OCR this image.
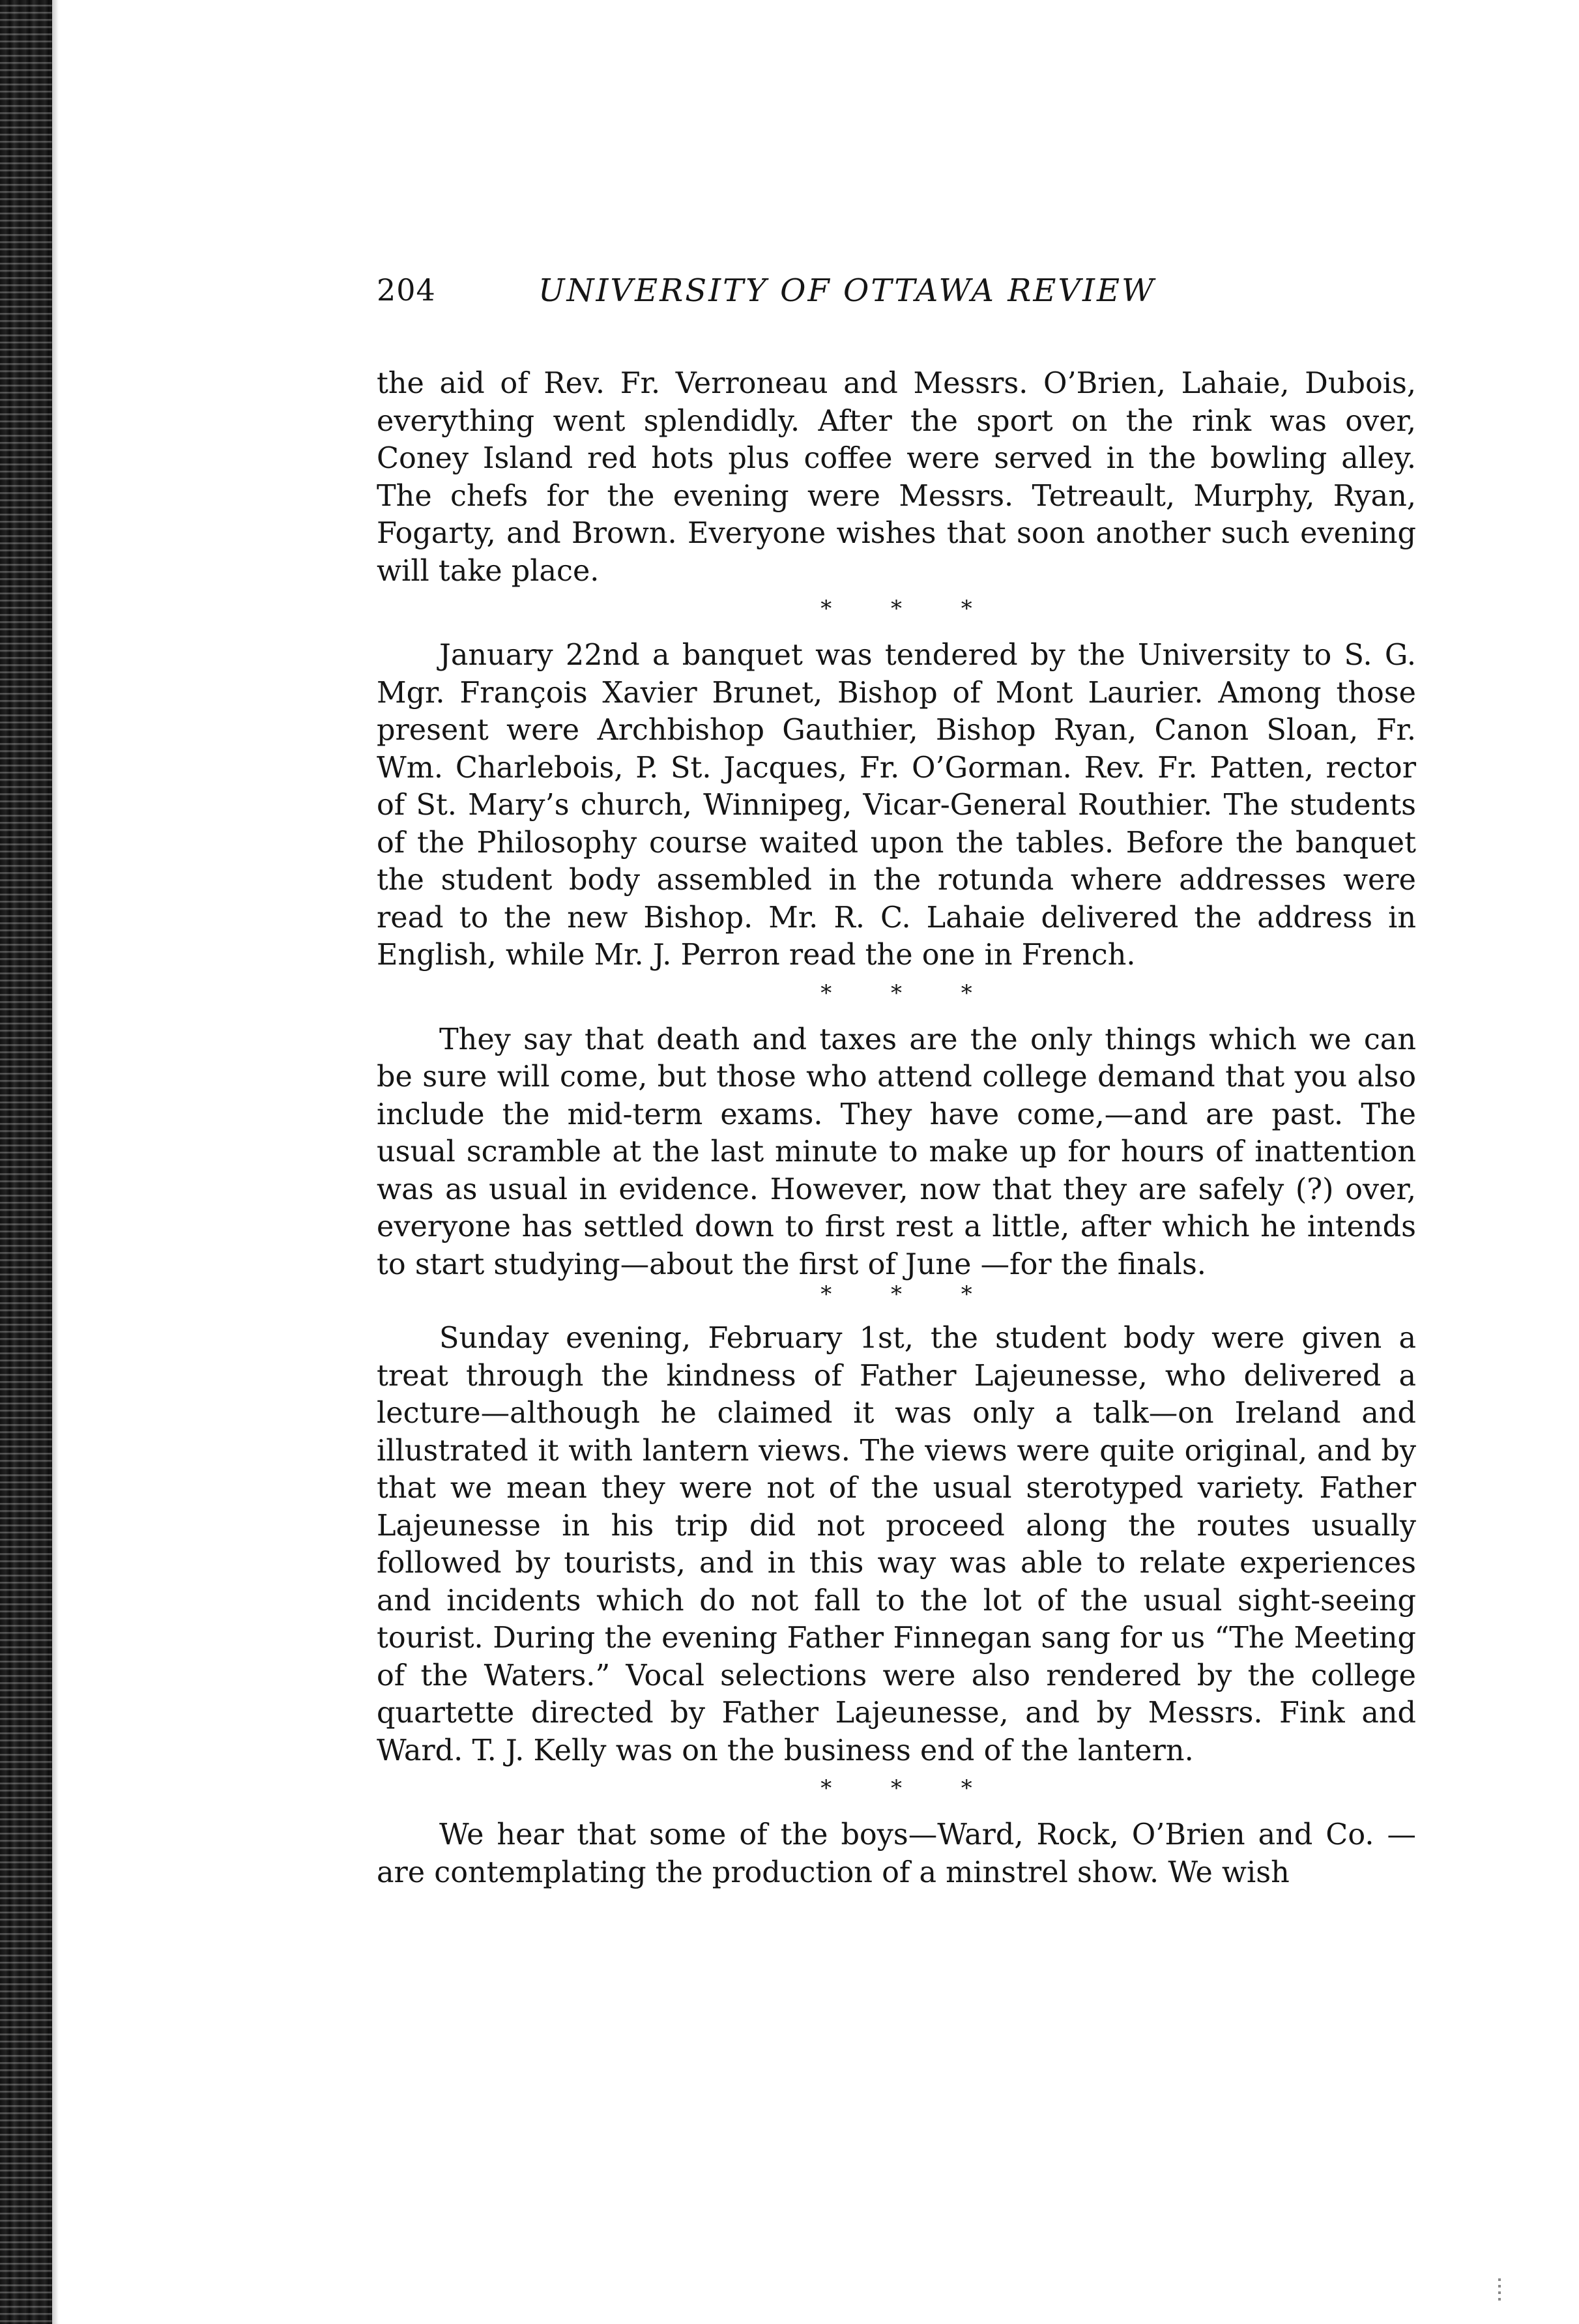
204	UNIVERSITY OF OTTAWA REVIEW

the aid of Rev. Fr. Verroneau and Messrs. O’Brien, Lahaie, Dubois, everything went splendidly. After the sport on the rink was over, Coney Island red hots plus coffee were served in the bowling alley. The chefs for the evening were Messrs. Tetreault, Murphy, Ryan, Fogarty, and Brown. Everyone wishes that soon another such evening will take place.

* * *

January 22nd a banquet was tendered by the University to S. G. Mgr. François Xavier Brunet, Bishop of Mont Laurier. Among those present were Archbishop Gauthier, Bishop Ryan, Canon Sloan, Fr. Wm. Charlebois, P. St. Jacques, Fr. O’Gorman. Rev. Fr. Patten, rector of St. Mary’s church, Winnipeg, Vicar-General Routhier. The students of the Philosophy course waited upon the tables. Before the banquet the student body assembled in the rotunda where addresses were read to the new Bishop. Mr. R. C. Lahaie delivered the address in English, while Mr. J. Perron read the one in French.

* * *

They say that death and taxes are the only things which we can be sure will come, but those who attend college demand that you also include the mid-term exams. They have come,—and are past. The usual scramble at the last minute to make up for hours of inattention was as usual in evidence. However, now that they are safely (?) over, everyone has settled down to first rest a little, after which he intends to start studying—about the first of June —for the finals.

* * *

Sunday evening, February 1st, the student body were given a treat through the kindness of Father Lajeunesse, who delivered a lecture—although he claimed it was only a talk—on Ireland and illustrated it with lantern views. The views were quite original, and by that we mean they were not of the usual sterotyped variety. Father Lajeunesse in his trip did not proceed along the routes usually followed by tourists, and in this way was able to relate experiences and incidents which do not fall to the lot of the usual sight-seeing tourist. During the evening Father Finnegan sang for us “The Meeting of the Waters.” Vocal selections were also rendered by the college quartette directed by Father Lajeunesse, and by Messrs. Fink and Ward. T. J. Kelly was on the business end of the lantern.

* * *

We hear that some of the boys—Ward, Rock, O’Brien and Co. —are contemplating the production of a minstrel show. We wish
